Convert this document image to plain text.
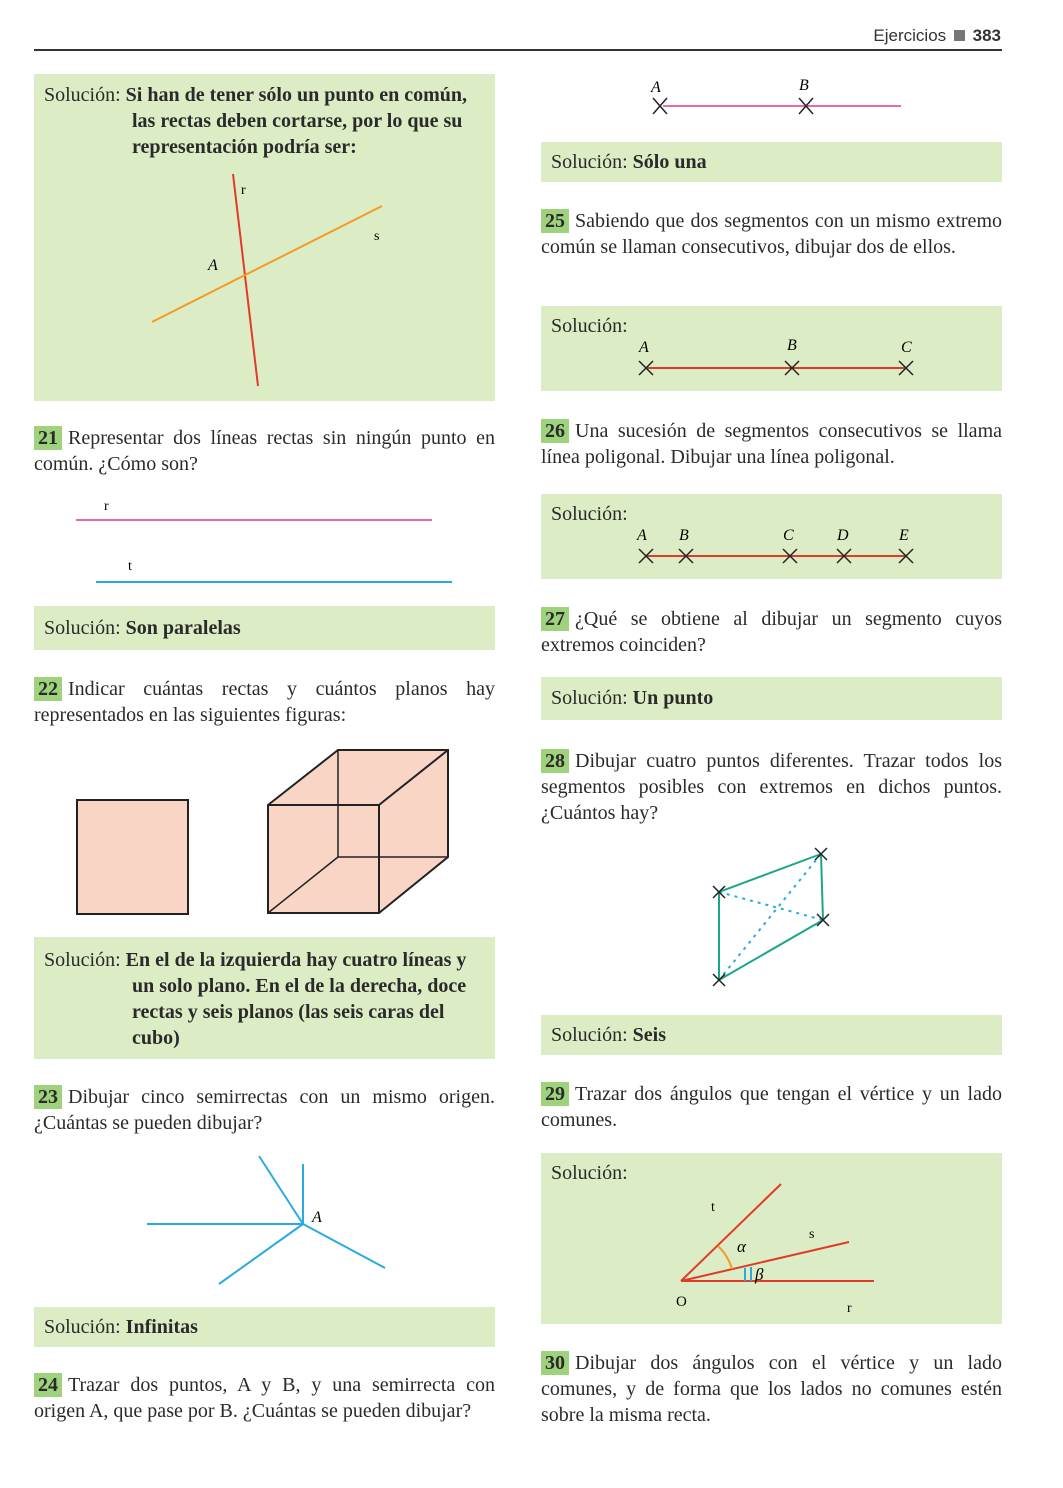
Ejercicios 383
Solución: Si han de tener sólo un punto en común, las rectas deben cortarse, por lo que su representación podría ser:
r
s
A
21 Representar dos líneas rectas sin ningún punto en común. ¿Cómo son?
r
t
Solución: Son paralelas
22 Indicar cuántas rectas y cuántos planos hay representados en las siguientes figuras:
Solución: En el de la izquierda hay cuatro líneas y un solo plano. En el de la derecha, doce rectas y seis planos (las seis caras del cubo)
23 Dibujar cinco semirrectas con un mismo origen. ¿Cuántas se pueden dibujar?
A
Solución: Infinitas
24 Trazar dos puntos, A y B, y una semirrecta con origen A, que pase por B. ¿Cuántas se pueden dibujar?
A	B
Solución: Sólo una
25 Sabiendo que dos segmentos con un mismo extremo común se llaman consecutivos, dibujar dos de ellos.
Solución:
A	B	C
26 Una sucesión de segmentos consecutivos se llama línea poligonal. Dibujar una línea poligonal.
Solución:
A B	C	D	E
27 ¿Qué se obtiene al dibujar un segmento cuyos extremos coinciden?
Solución: Un punto
28 Dibujar cuatro puntos diferentes. Trazar todos los segmentos posibles con extremos en dichos puntos. ¿Cuántos hay?
Solución: Seis
29 Trazar dos ángulos que tengan el vértice y un lado comunes.
Solución:
t
s
α
β
O	r
30 Dibujar dos ángulos con el vértice y un lado comunes, y de forma que los lados no comunes estén sobre la misma recta.
